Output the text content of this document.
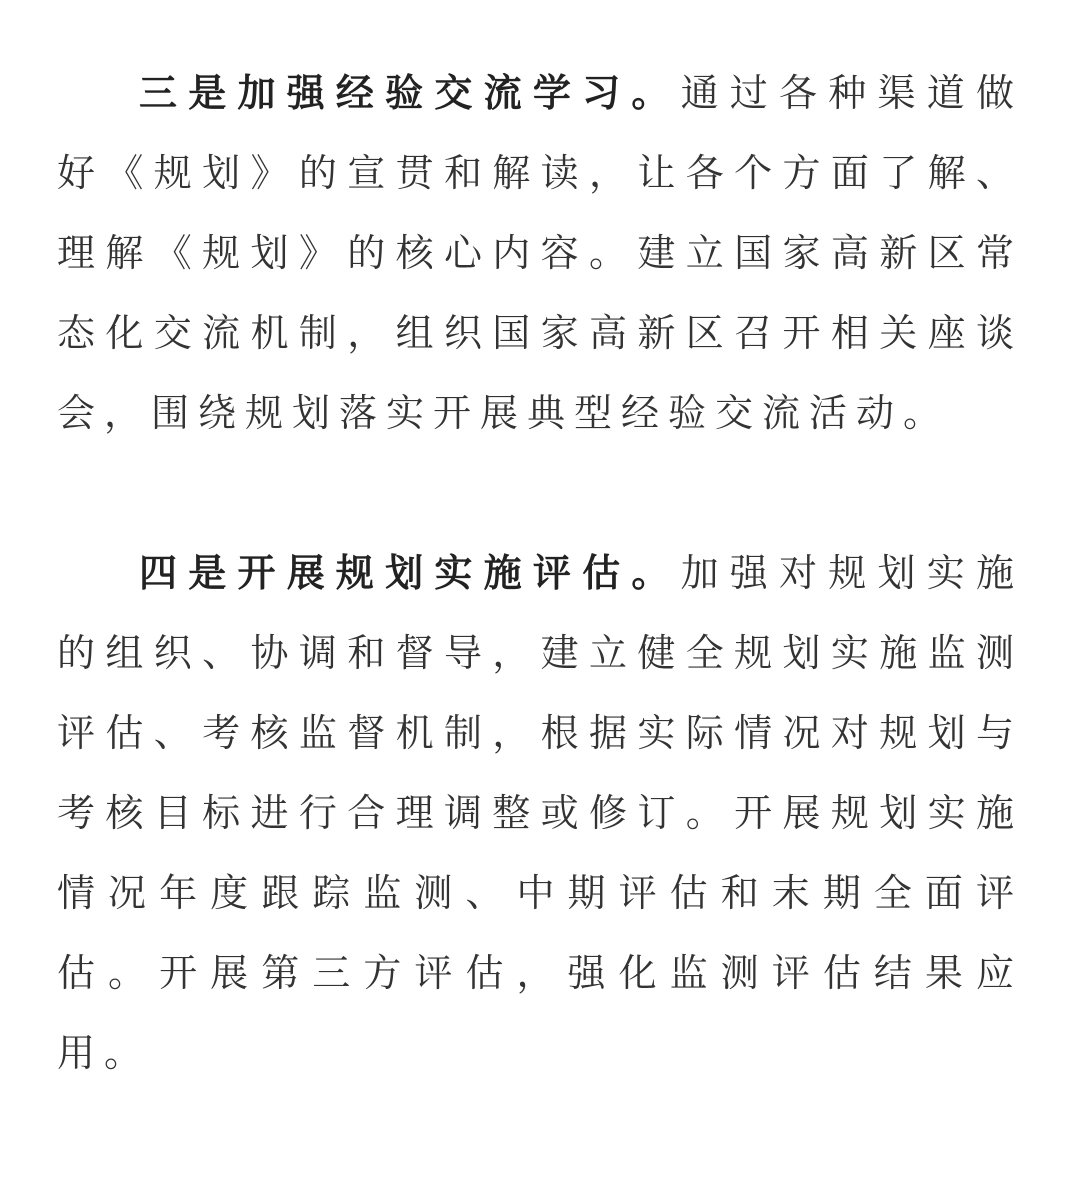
三是加强经验交流学习。通过各种渠道做
好《规划》的宣贯和解读，让各个方面了解、
理解《规划》的核心内容。建立国家高新区常
态化交流机制，组织国家高新区召开相关座谈
会，围绕规划落实开展典型经验交流活动。
四是开展规划实施评估。加强对规划实施
的组织、协调和督导，建立健全规划实施监测
评估、考核监督机制，根据实际情况对规划与
考核目标进行合理调整或修订。开展规划实施
情况年度跟踪监测、中期评估和末期全面评
估。开展第三方评估，强化监测评估结果应
用。
